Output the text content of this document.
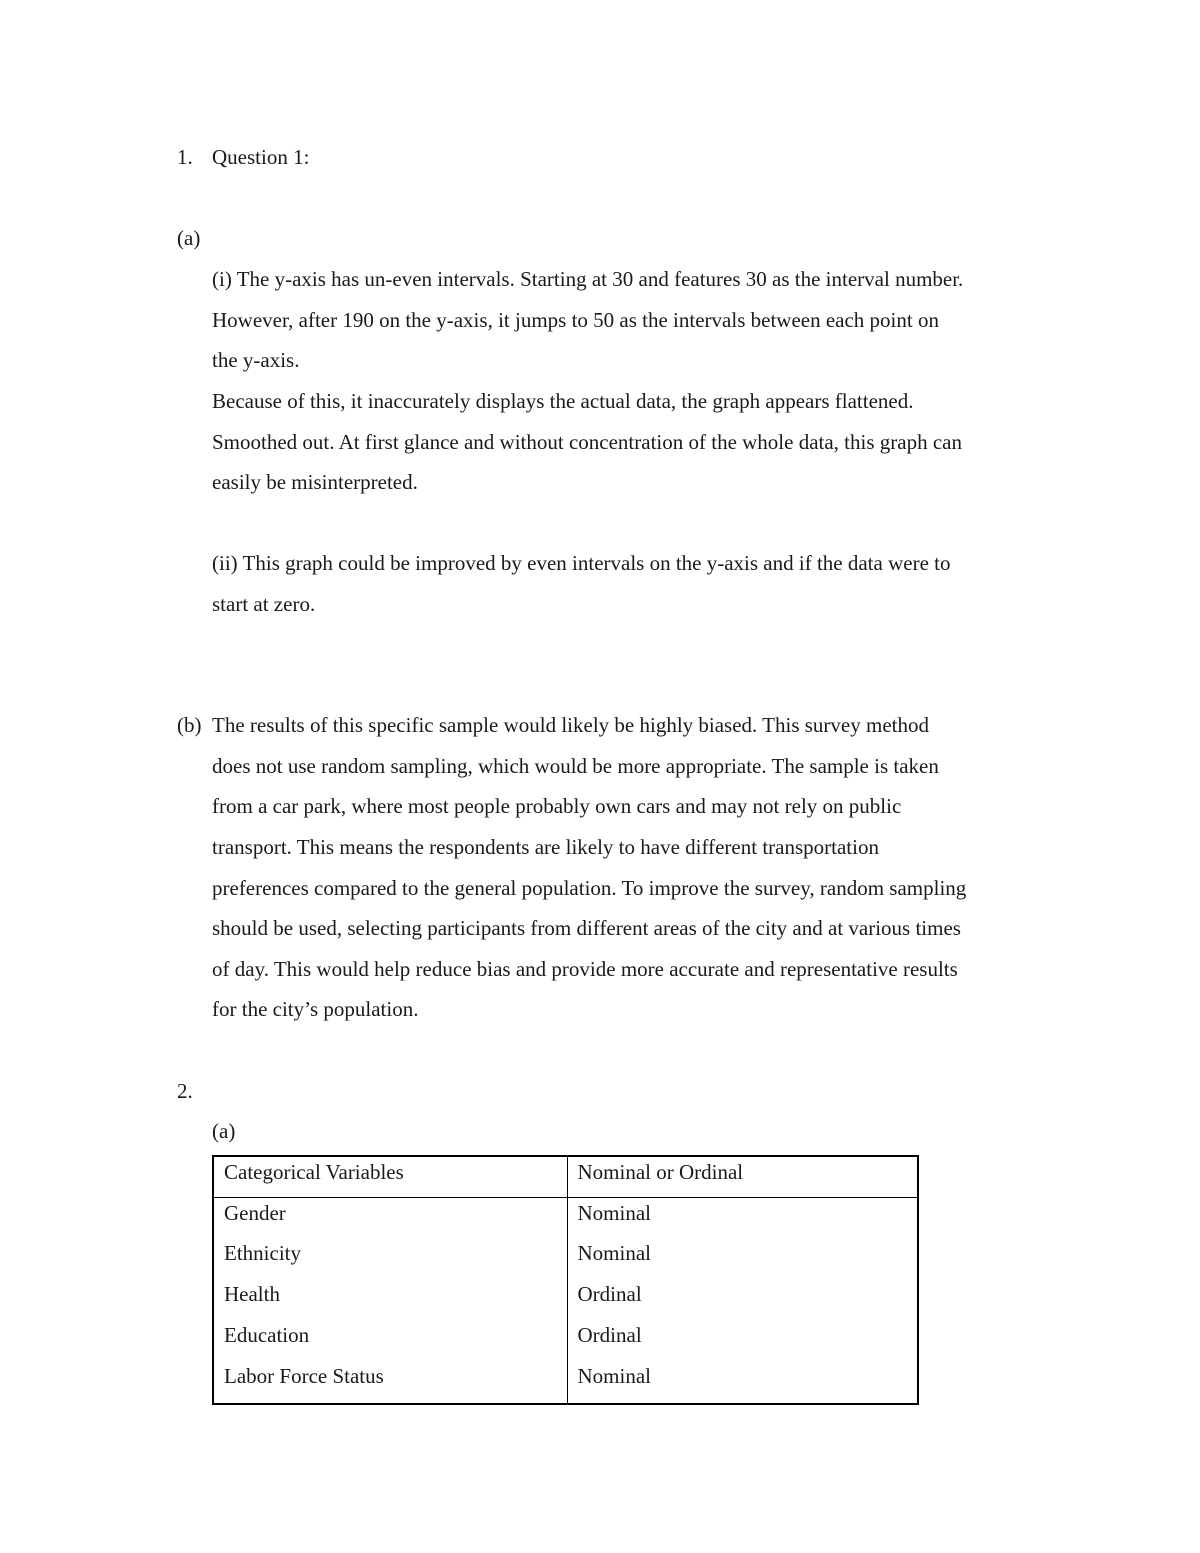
1. Question 1:
(a)
(i) The y-axis has un-even intervals. Starting at 30 and features 30 as the interval number.
However, after 190 on the y-axis, it jumps to 50 as the intervals between each point on
the y-axis.
Because of this, it inaccurately displays the actual data, the graph appears flattened.
Smoothed out. At first glance and without concentration of the whole data, this graph can
easily be misinterpreted.
(ii) This graph could be improved by even intervals on the y-axis and if the data were to
start at zero.
(b) The results of this specific sample would likely be highly biased. This survey method
does not use random sampling, which would be more appropriate. The sample is taken
from a car park, where most people probably own cars and may not rely on public
transport. This means the respondents are likely to have different transportation
preferences compared to the general population. To improve the survey, random sampling
should be used, selecting participants from different areas of the city and at various times
of day. This would help reduce bias and provide more accurate and representative results
for the city’s population.
2.
(a)
Categorical Variables	Nominal or Ordinal
Gender	Nominal
Ethnicity	Nominal
Health	Ordinal
Education	Ordinal
Labor Force Status	Nominal
